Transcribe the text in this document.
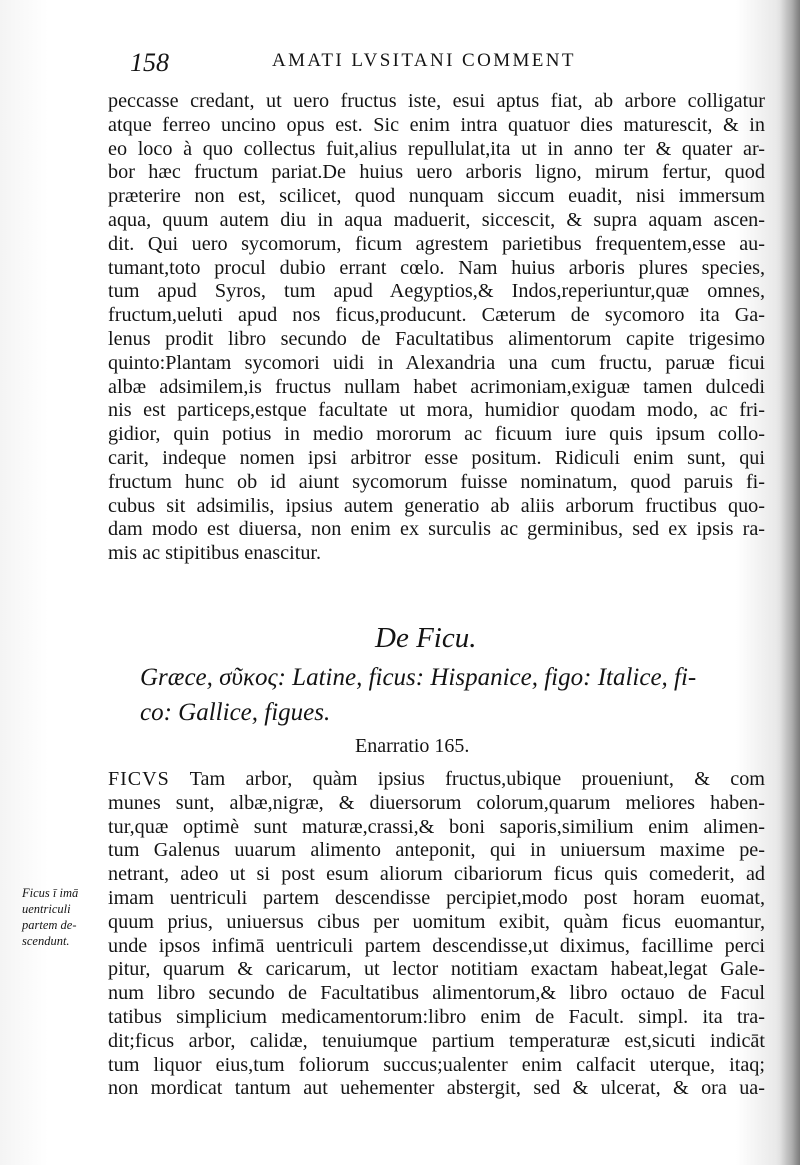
158	AMATI LVSITANI COMMENT
peccasse credant, ut uero fructus iste, esui aptus fiat, ab arbore colligatur
atque ferreo uncino opus est. Sic enim intra quatuor dies maturescit, & in
eo loco à quo collectus fuit,alius repullulat,ita ut in anno ter & quater ar-
bor hæc fructum pariat.De huius uero arboris ligno, mirum fertur, quod
præterire non est, scilicet, quod nunquam siccum euadit, nisi immersum
aqua, quum autem diu in aqua maduerit, siccescit, & supra aquam ascen-
dit. Qui uero sycomorum, ficum agrestem parietibus frequentem,esse au-
tumant,toto procul dubio errant cœlo. Nam huius arboris plures species,
tum apud Syros, tum apud Aegyptios,& Indos,reperiuntur,quæ omnes,
fructum,ueluti apud nos ficus,producunt. Cæterum de sycomoro ita Ga-
lenus prodit libro secundo de Facultatibus alimentorum capite trigesimo
quinto:Plantam sycomori uidi in Alexandria una cum fructu, paruæ ficui
albæ adsimilem,is fructus nullam habet acrimoniam,exiguæ tamen dulcedi
nis est particeps,estque facultate ut mora, humidior quodam modo, ac fri-
gidior, quin potius in medio mororum ac ficuum iure quis ipsum collo-
carit, indeque nomen ipsi arbitror esse positum. Ridiculi enim sunt, qui
fructum hunc ob id aiunt sycomorum fuisse nominatum, quod paruis fi-
cubus sit adsimilis, ipsius autem generatio ab aliis arborum fructibus quo-
dam modo est diuersa, non enim ex surculis ac germinibus, sed ex ipsis ra-
mis ac stipitibus enascitur.
De Ficu.
Græce, σῦκος: Latine, ficus: Hispanice, figo: Italice, fi-
co: Gallice, figues.
Enarratio 165.
FICVS Tam arbor, quàm ipsius fructus,ubique proueniunt, & com
munes sunt, albæ,nigræ, & diuersorum colorum,quarum meliores haben-
tur,quæ optimè sunt maturæ,crassi,& boni saporis,similium enim alimen-
tum Galenus uuarum alimento anteponit, qui in uniuersum maxime pe-
netrant, adeo ut si post esum aliorum cibariorum ficus quis comederit, ad
imam uentriculi partem descendisse percipiet,modo post horam euomat,
quum prius, uniuersus cibus per uomitum exibit, quàm ficus euomantur,
unde ipsos infimā uentriculi partem descendisse,ut diximus, facillime perci
pitur, quarum & caricarum, ut lector notitiam exactam habeat,legat Gale-
num libro secundo de Facultatibus alimentorum,& libro octauo de Facul
tatibus simplicium medicamentorum:libro enim de Facult. simpl. ita tra-
dit;ficus arbor, calidæ, tenuiumque partium temperaturæ est,sicuti indicāt
tum liquor eius,tum foliorum succus;ualenter enim calfacit uterque, itaq;
non mordicat tantum aut uehementer abstergit, sed & ulcerat, & ora ua-
Ficus ī imā
uentriculi
partem de-
scendunt.
